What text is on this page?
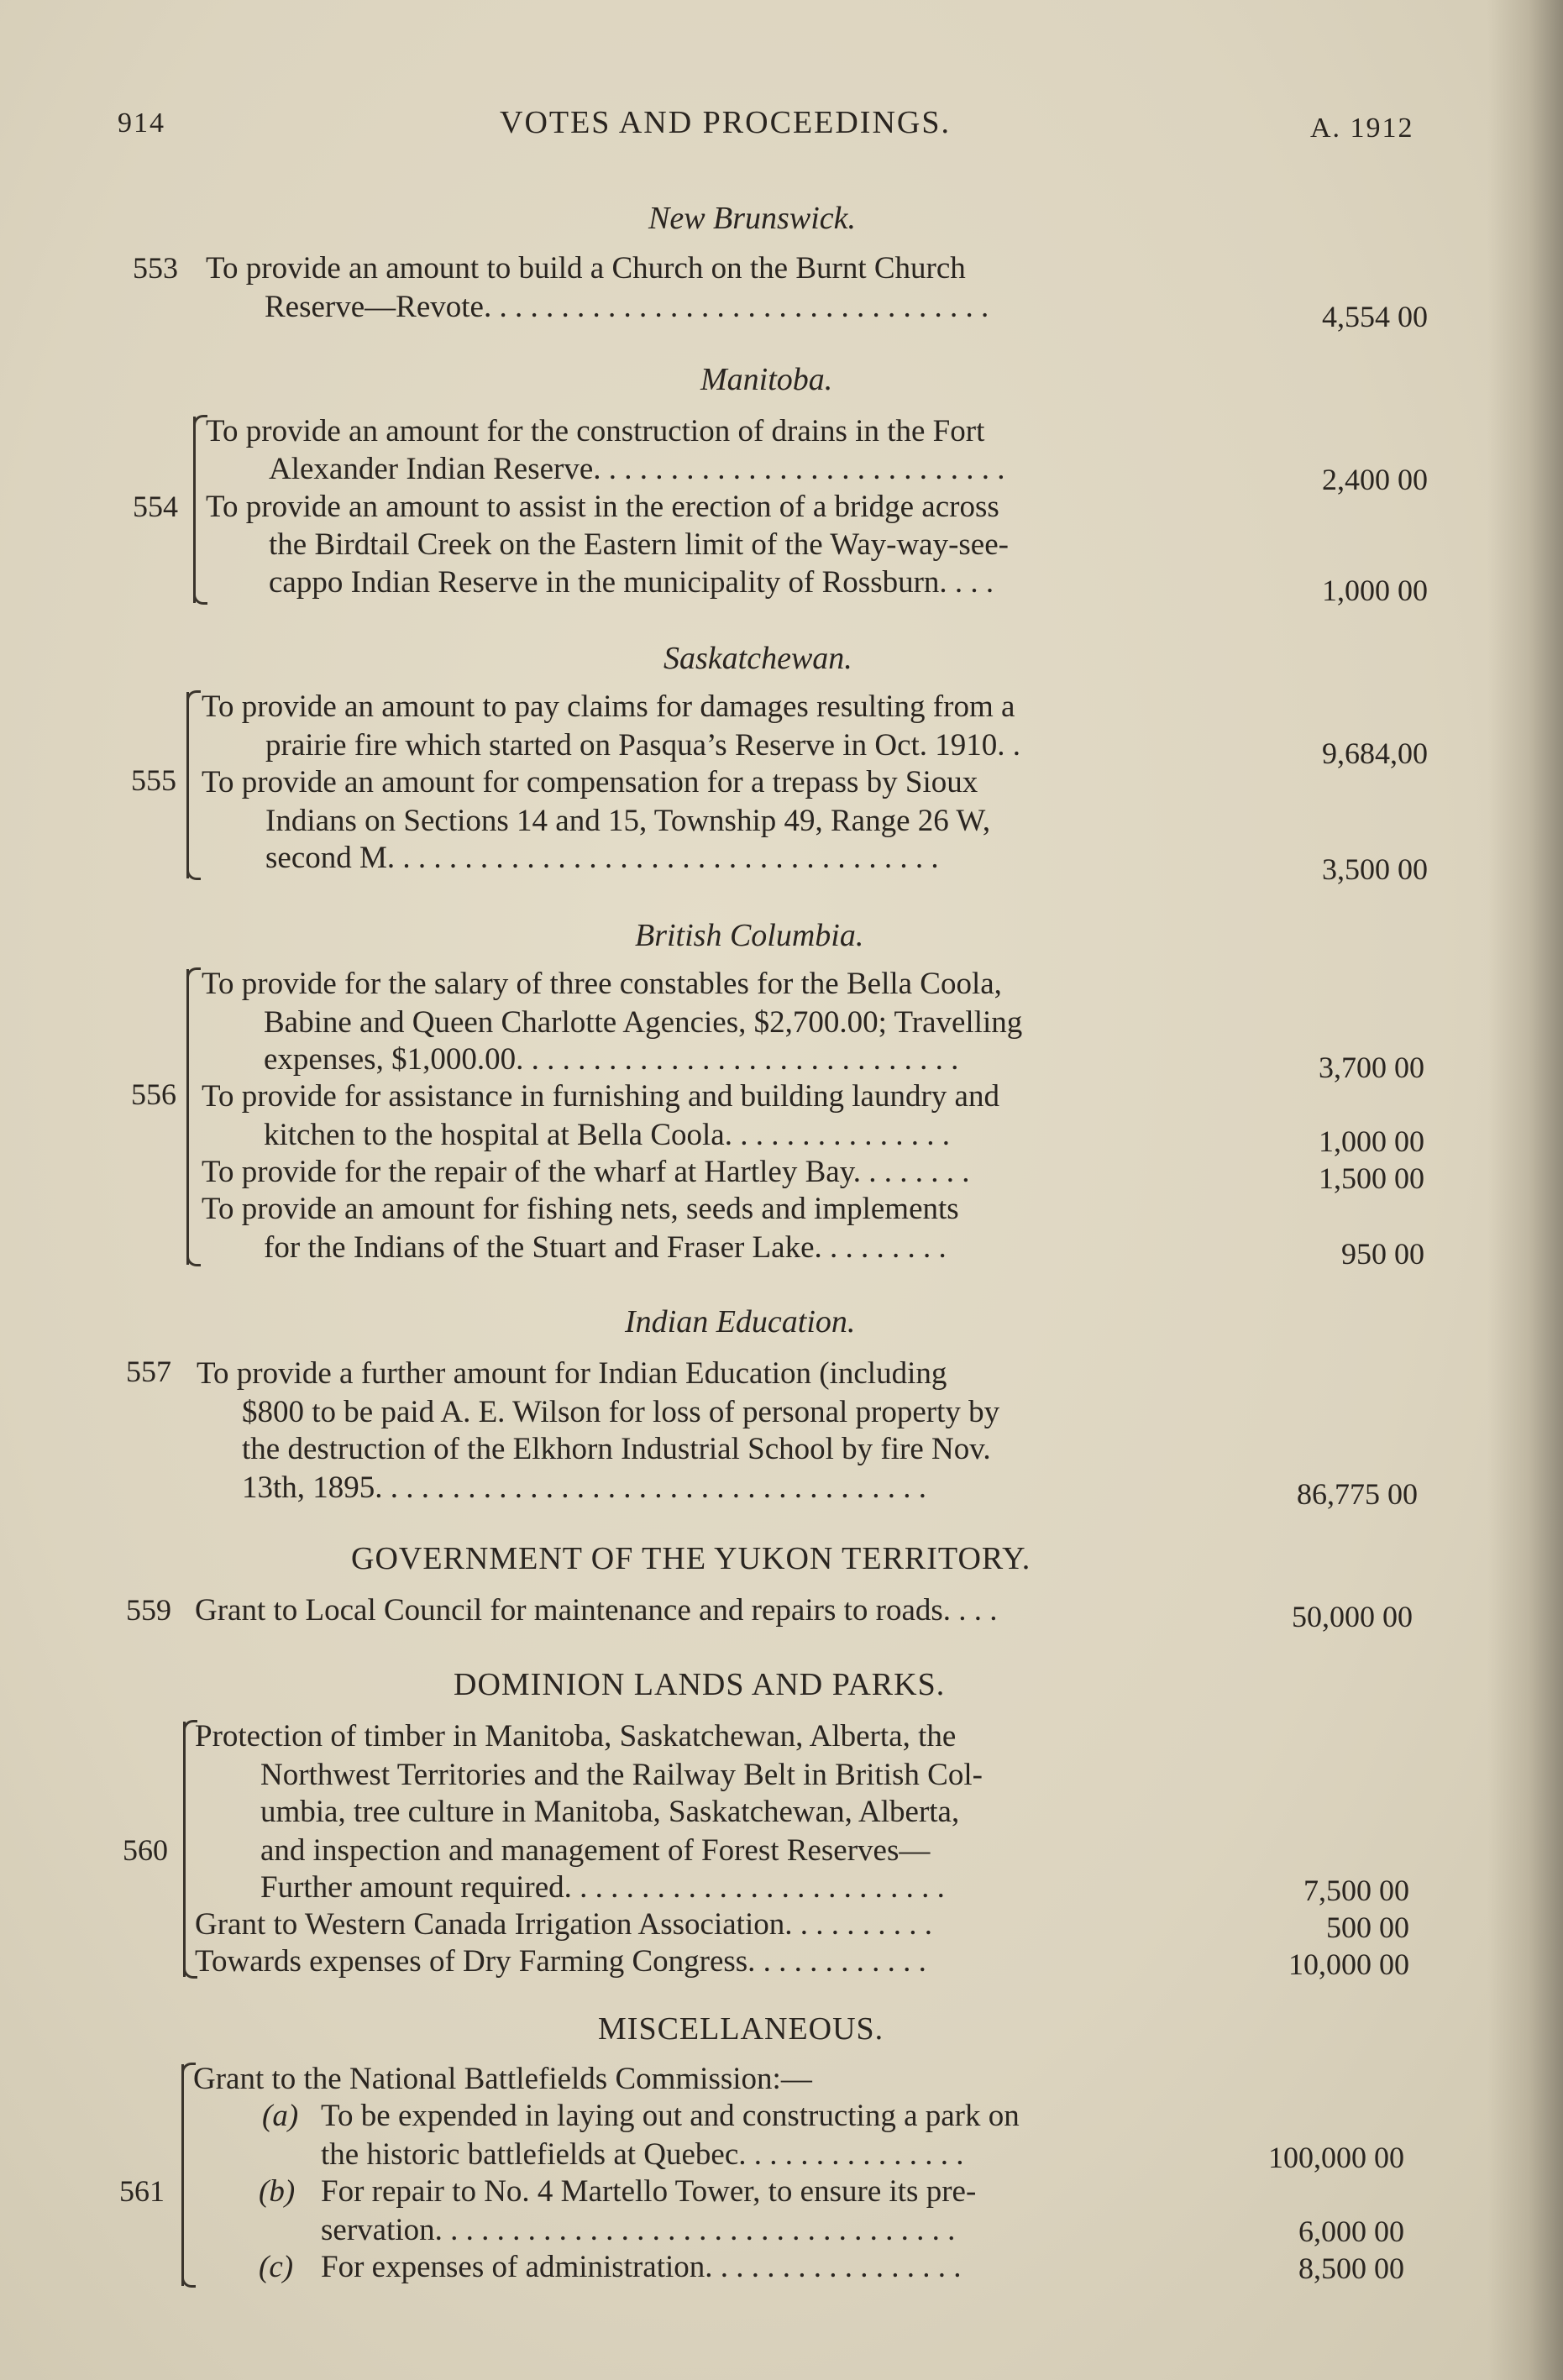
914	VOTES AND PROCEEDINGS.	A. 1912
New Brunswick.
553 To provide an amount to build a Church on the Burnt Church
Reserve—Revote. . . . . . . . . . . . . . . . . . . . . . . . . . . . . . . . .	4,554 00
Manitoba.
554
To provide an amount for the construction of drains in the Fort
Alexander Indian Reserve. . . . . . . . . . . . . . . . . . . . . . . . . . .	2,400 00
To provide an amount to assist in the erection of a bridge across
the Birdtail Creek on the Eastern limit of the Way-way-see-
cappo Indian Reserve in the municipality of Rossburn. . . .	1,000 00
Saskatchewan.
555
To provide an amount to pay claims for damages resulting from a
prairie fire which started on Pasqua’s Reserve in Oct. 1910. .	9,684,00
To provide an amount for compensation for a trepass by Sioux
Indians on Sections 14 and 15, Township 49, Range 26 W,
second M. . . . . . . . . . . . . . . . . . . . . . . . . . . . . . . . . . . .	3,500 00
British Columbia.
556
To provide for the salary of three constables for the Bella Coola,
Babine and Queen Charlotte Agencies, $2,700.00; Travelling
expenses, $1,000.00. . . . . . . . . . . . . . . . . . . . . . . . . . . . .	3,700 00
To provide for assistance in furnishing and building laundry and
kitchen to the hospital at Bella Coola. . . . . . . . . . . . . . .	1,000 00
To provide for the repair of the wharf at Hartley Bay. . . . . . . .	1,500 00
To provide an amount for fishing nets, seeds and implements
for the Indians of the Stuart and Fraser Lake. . . . . . . . .	950 00
Indian Education.
557 To provide a further amount for Indian Education (including
$800 to be paid A. E. Wilson for loss of personal property by
the destruction of the Elkhorn Industrial School by fire Nov.
13th, 1895. . . . . . . . . . . . . . . . . . . . . . . . . . . . . . . . . . . .	86,775 00
GOVERNMENT OF THE YUKON TERRITORY.
559 Grant to Local Council for maintenance and repairs to roads. . . .	50,000 00
DOMINION LANDS AND PARKS.
560
Protection of timber in Manitoba, Saskatchewan, Alberta, the
Northwest Territories and the Railway Belt in British Col-
umbia, tree culture in Manitoba, Saskatchewan, Alberta,
and inspection and management of Forest Reserves—
Further amount required. . . . . . . . . . . . . . . . . . . . . . . . .	7,500 00
Grant to Western Canada Irrigation Association. . . . . . . . . .	500 00
Towards expenses of Dry Farming Congress. . . . . . . . . . . .	10,000 00
MISCELLANEOUS.
561
Grant to the National Battlefields Commission:—
(a) To be expended in laying out and constructing a park on
the historic battlefields at Quebec. . . . . . . . . . . . . . .	100,000 00
(b) For repair to No. 4 Martello Tower, to ensure its pre-
servation. . . . . . . . . . . . . . . . . . . . . . . . . . . . . . . . . .	6,000 00
(c) For expenses of administration. . . . . . . . . . . . . . . . .	8,500 00
